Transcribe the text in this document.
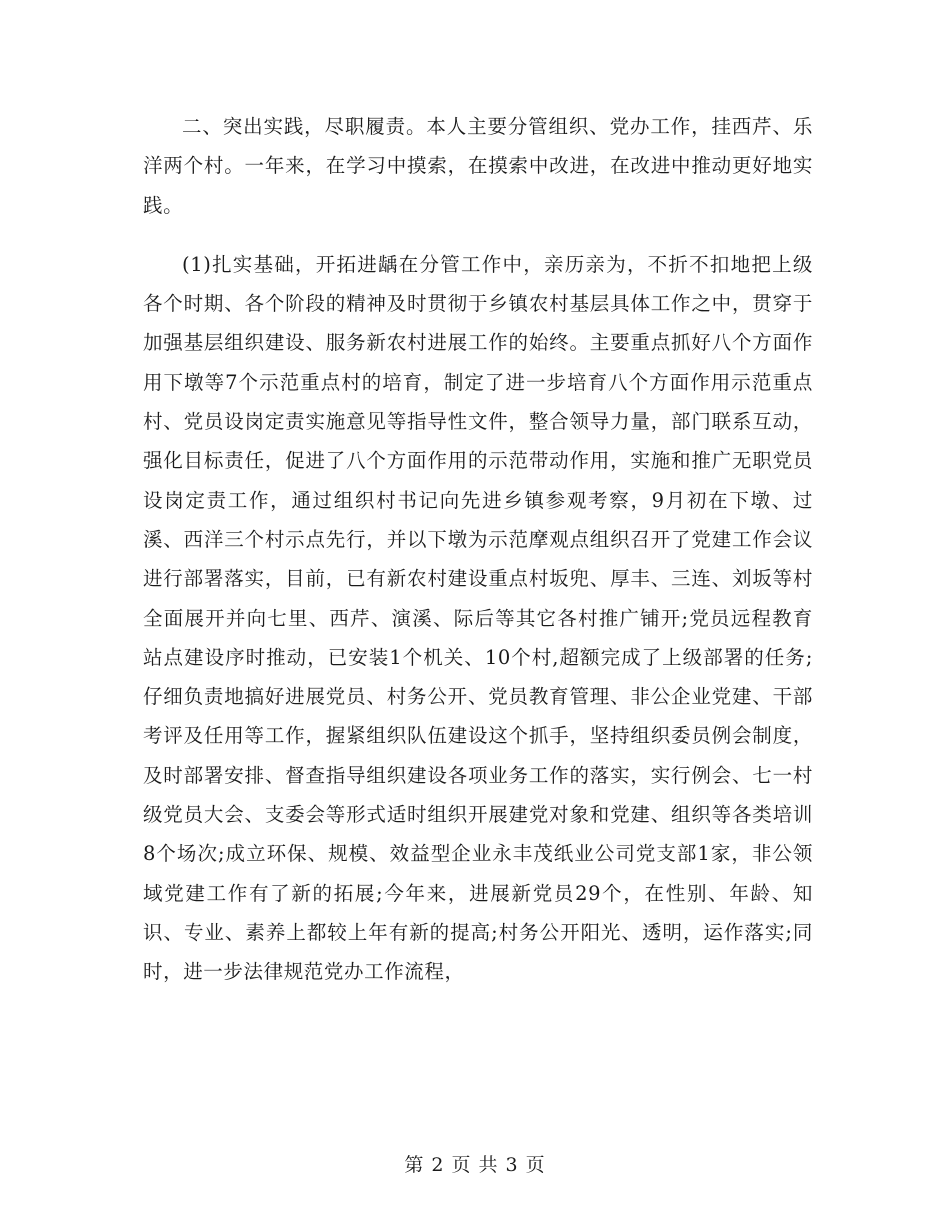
二、突出实践，尽职履责。本人主要分管组织、党办工作，挂西芹、乐洋两个村。一年来，在学习中摸索，在摸索中改进，在改进中推动更好地实践。

(1)扎实基础，开拓进龋在分管工作中，亲历亲为，不折不扣地把上级各个时期、各个阶段的精神及时贯彻于乡镇农村基层具体工作之中，贯穿于加强基层组织建设、服务新农村进展工作的始终。主要重点抓好八个方面作用下墩等7个示范重点村的培育，制定了进一步培育八个方面作用示范重点村、党员设岗定责实施意见等指导性文件，整合领导力量，部门联系互动，强化目标责任，促进了八个方面作用的示范带动作用，实施和推广无职党员设岗定责工作，通过组织村书记向先进乡镇参观考察，9月初在下墩、过溪、西洋三个村示点先行，并以下墩为示范摩观点组织召开了党建工作会议进行部署落实，目前，已有新农村建设重点村坂兜、厚丰、三连、刘坂等村全面展开并向七里、西芹、演溪、际后等其它各村推广铺开;党员远程教育站点建设序时推动，已安装1个机关、10个村,超额完成了上级部署的任务;仔细负责地搞好进展党员、村务公开、党员教育管理、非公企业党建、干部考评及任用等工作，握紧组织队伍建设这个抓手，坚持组织委员例会制度，及时部署安排、督查指导组织建设各项业务工作的落实，实行例会、七一村级党员大会、支委会等形式适时组织开展建党对象和党建、组织等各类培训8个场次;成立环保、规模、效益型企业永丰茂纸业公司党支部1家，非公领域党建工作有了新的拓展;今年来，进展新党员29个，在性别、年龄、知识、专业、素养上都较上年有新的提高;村务公开阳光、透明，运作落实;同时，进一步法律规范党办工作流程，

第 2 页 共 3 页
